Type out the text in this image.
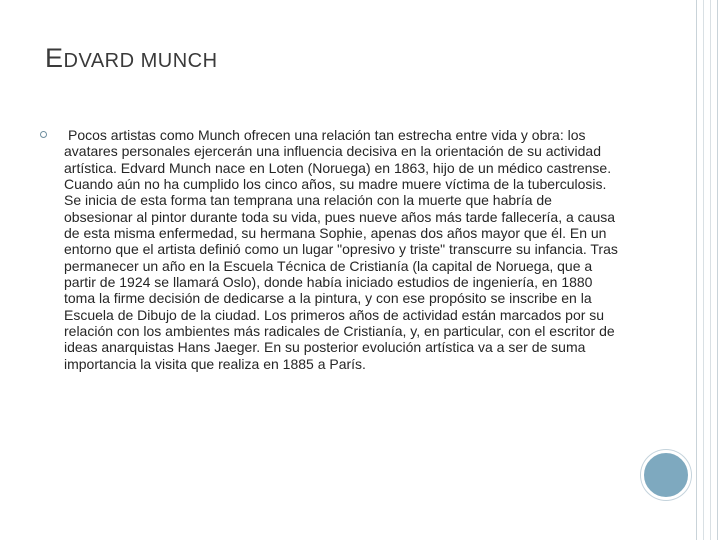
EDVARD MUNCH

Pocos artistas como Munch ofrecen una relación tan estrecha entre vida y obra: los avatares personales ejercerán una influencia decisiva en la orientación de su actividad artística. Edvard Munch nace en Loten (Noruega) en 1863, hijo de un médico castrense. Cuando aún no ha cumplido los cinco años, su madre muere víctima de la tuberculosis. Se inicia de esta forma tan temprana una relación con la muerte que habría de obsesionar al pintor durante toda su vida, pues nueve años más tarde fallecería, a causa de esta misma enfermedad, su hermana Sophie, apenas dos años mayor que él. En un entorno que el artista definió como un lugar "opresivo y triste" transcurre su infancia. Tras permanecer un año en la Escuela Técnica de Cristianía (la capital de Noruega, que a partir de 1924 se llamará Oslo), donde había iniciado estudios de ingeniería, en 1880 toma la firme decisión de dedicarse a la pintura, y con ese propósito se inscribe en la Escuela de Dibujo de la ciudad. Los primeros años de actividad están marcados por su relación con los ambientes más radicales de Cristianía, y, en particular, con el escritor de ideas anarquistas Hans Jaeger. En su posterior evolución artística va a ser de suma importancia la visita que realiza en 1885 a París.
